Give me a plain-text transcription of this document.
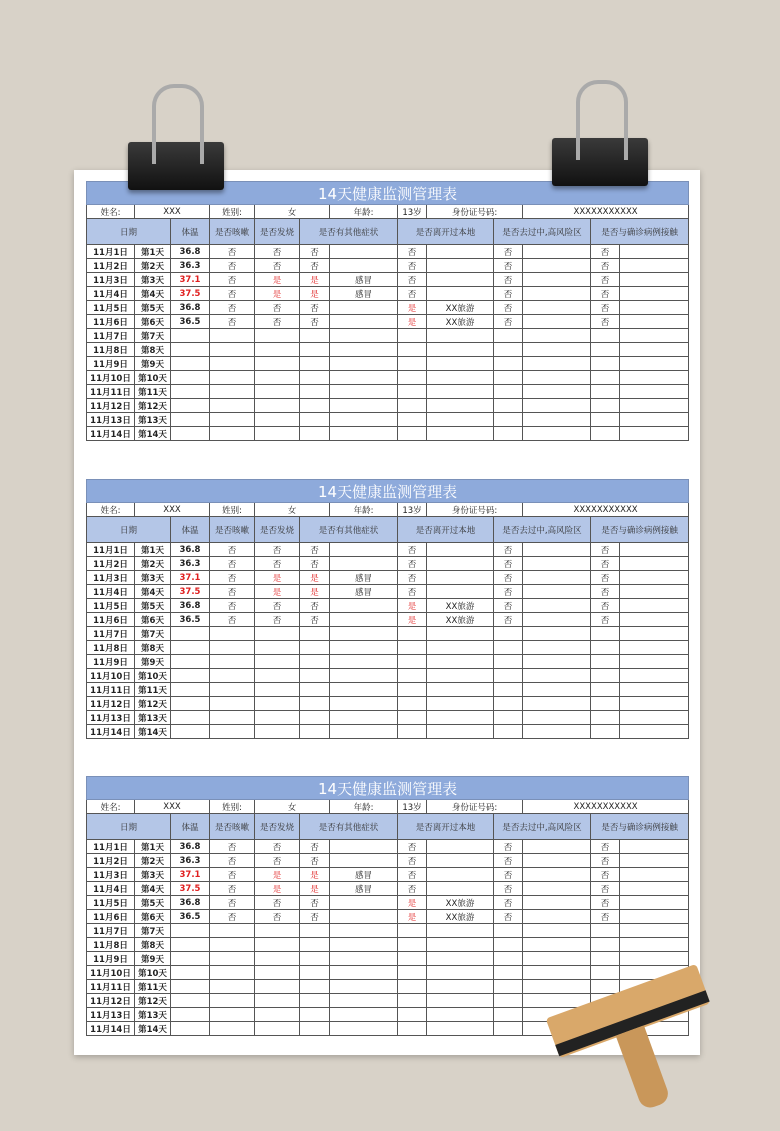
14天健康监测管理表												
姓名:	XXX		姓别:	女		年龄:	13岁	身份证号码:		XXXXXXXXXXX		
日期		体温	是否咳嗽	是否发烧	是否有其他症状		是否离开过本地		是否去过中,高风险区		是否与确诊病例接触	
11月1日	第1天	36.8	否	否	否		否		否		否	
11月2日	第2天	36.3	否	否	否		否		否		否	
11月3日	第3天	37.1	否	是	是	感冒	否		否		否	
11月4日	第4天	37.5	否	是	是	感冒	否		否		否	
11月5日	第5天	36.8	否	否	否		是	XX旅游	否		否	
11月6日	第6天	36.5	否	否	否		是	XX旅游	否		否	
11月7日	第7天											
11月8日	第8天											
11月9日	第9天											
11月10日	第10天											
11月11日	第11天											
11月12日	第12天											
11月13日	第13天											
11月14日	第14天											
14天健康监测管理表												
姓名:	XXX		姓别:	女		年龄:	13岁	身份证号码:		XXXXXXXXXXX		
日期		体温	是否咳嗽	是否发烧	是否有其他症状		是否离开过本地		是否去过中,高风险区		是否与确诊病例接触	
11月1日	第1天	36.8	否	否	否		否		否		否	
11月2日	第2天	36.3	否	否	否		否		否		否	
11月3日	第3天	37.1	否	是	是	感冒	否		否		否	
11月4日	第4天	37.5	否	是	是	感冒	否		否		否	
11月5日	第5天	36.8	否	否	否		是	XX旅游	否		否	
11月6日	第6天	36.5	否	否	否		是	XX旅游	否		否	
11月7日	第7天											
11月8日	第8天											
11月9日	第9天											
11月10日	第10天											
11月11日	第11天											
11月12日	第12天											
11月13日	第13天											
11月14日	第14天											
14天健康监测管理表												
姓名:	XXX		姓别:	女		年龄:	13岁	身份证号码:		XXXXXXXXXXX		
日期		体温	是否咳嗽	是否发烧	是否有其他症状		是否离开过本地		是否去过中,高风险区		是否与确诊病例接触	
11月1日	第1天	36.8	否	否	否		否		否		否	
11月2日	第2天	36.3	否	否	否		否		否		否	
11月3日	第3天	37.1	否	是	是	感冒	否		否		否	
11月4日	第4天	37.5	否	是	是	感冒	否		否		否	
11月5日	第5天	36.8	否	否	否		是	XX旅游	否		否	
11月6日	第6天	36.5	否	否	否		是	XX旅游	否		否	
11月7日	第7天											
11月8日	第8天											
11月9日	第9天											
11月10日	第10天											
11月11日	第11天											
11月12日	第12天											
11月13日	第13天											
11月14日	第14天											
